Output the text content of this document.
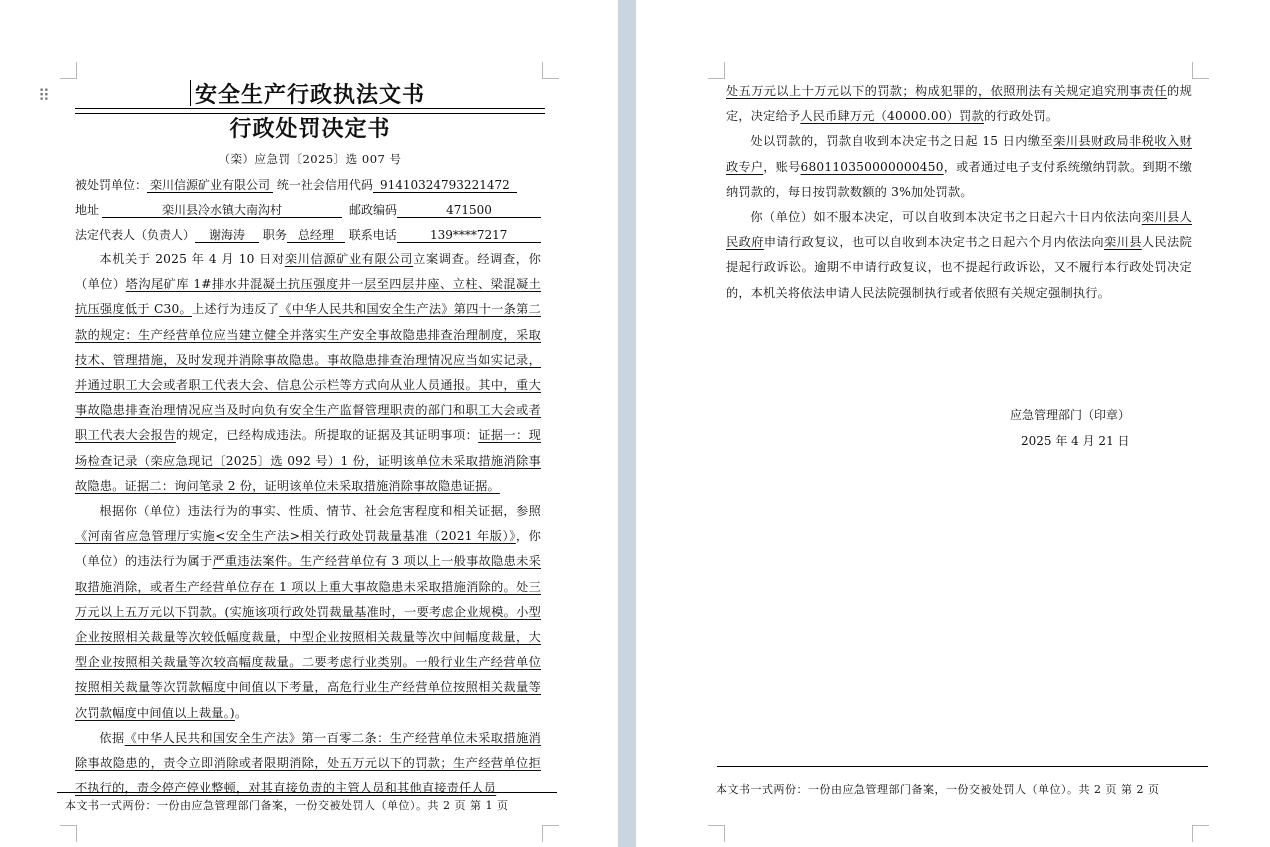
⠿	安全生产行政执法文书
行政处罚决定书
（栾）应急罚〔2025〕选 007 号
被处罚单位： 栾川信源矿业有限公司 统一社会信用代码 91410324793221472
地址	栾川县冷水镇大南沟村	邮政编码	471500
法定代表人（负责人） 谢海涛 职务 总经理 联系电话	139****7217

本机关于 2025 年 4 月 10 日对栾川信源矿业有限公司立案调查。经调查，你（单位）塔沟尾矿库 1#排水井混凝土抗压强度井一层至四层井座、立柱、梁混凝土抗压强度低于 C30。上述行为违反了《中华人民共和国安全生产法》第四十一条第二款的规定：生产经营单位应当建立健全并落实生产安全事故隐患排查治理制度，采取技术、管理措施，及时发现并消除事故隐患。事故隐患排查治理情况应当如实记录，并通过职工大会或者职工代表大会、信息公示栏等方式向从业人员通报。其中，重大事故隐患排查治理情况应当及时向负有安全生产监督管理职责的部门和职工大会或者职工代表大会报告的规定，已经构成违法。所提取的证据及其证明事项：证据一：现场检查记录（栾应急现记〔2025〕选 092 号）1 份，证明该单位未采取措施消除事故隐患。证据二：询问笔录 2 份，证明该单位未采取措施消除事故隐患证据。

根据你（单位）违法行为的事实、性质、情节、社会危害程度和相关证据，参照《河南省应急管理厅实施<安全生产法>相关行政处罚裁量基准（2021 年版）》，你（单位）的违法行为属于严重违法案件。生产经营单位有 3 项以上一般事故隐患未采取措施消除，或者生产经营单位存在 1 项以上重大事故隐患未采取措施消除的。处三万元以上五万元以下罚款。(实施该项行政处罚裁量基准时，一要考虑企业规模。小型企业按照相关裁量等次较低幅度裁量，中型企业按照相关裁量等次中间幅度裁量，大型企业按照相关裁量等次较高幅度裁量。二要考虑行业类别。一般行业生产经营单位按照相关裁量等次罚款幅度中间值以下考量，高危行业生产经营单位按照相关裁量等次罚款幅度中间值以上裁量。)。

依据《中华人民共和国安全生产法》第一百零二条：生产经营单位未采取措施消除事故隐患的，责令立即消除或者限期消除，处五万元以下的罚款；生产经营单位拒不执行的，责令停产停业整顿，对其直接负责的主管人员和其他直接责任人员

本文书一式两份：一份由应急管理部门备案，一份交被处罚人（单位）。共 2 页 第 1 页

处五万元以上十万元以下的罚款；构成犯罪的，依照刑法有关规定追究刑事责任的规定，决定给予人民币肆万元（40000.00）罚款的行政处罚。

处以罚款的，罚款自收到本决定书之日起 15 日内缴至栾川县财政局非税收入财政专户，账号680110350000000450，或者通过电子支付系统缴纳罚款。到期不缴纳罚款的，每日按罚款数额的 3%加处罚款。

你（单位）如不服本决定，可以自收到本决定书之日起六十日内依法向栾川县人民政府申请行政复议，也可以自收到本决定书之日起六个月内依法向栾川县人民法院提起行政诉讼。逾期不申请行政复议，也不提起行政诉讼，又不履行本行政处罚决定的，本机关将依法申请人民法院强制执行或者依照有关规定强制执行。

应急管理部门（印章）
2025 年 4 月 21 日
本文书一式两份：一份由应急管理部门备案，一份交被处罚人（单位）。共 2 页 第 2 页
